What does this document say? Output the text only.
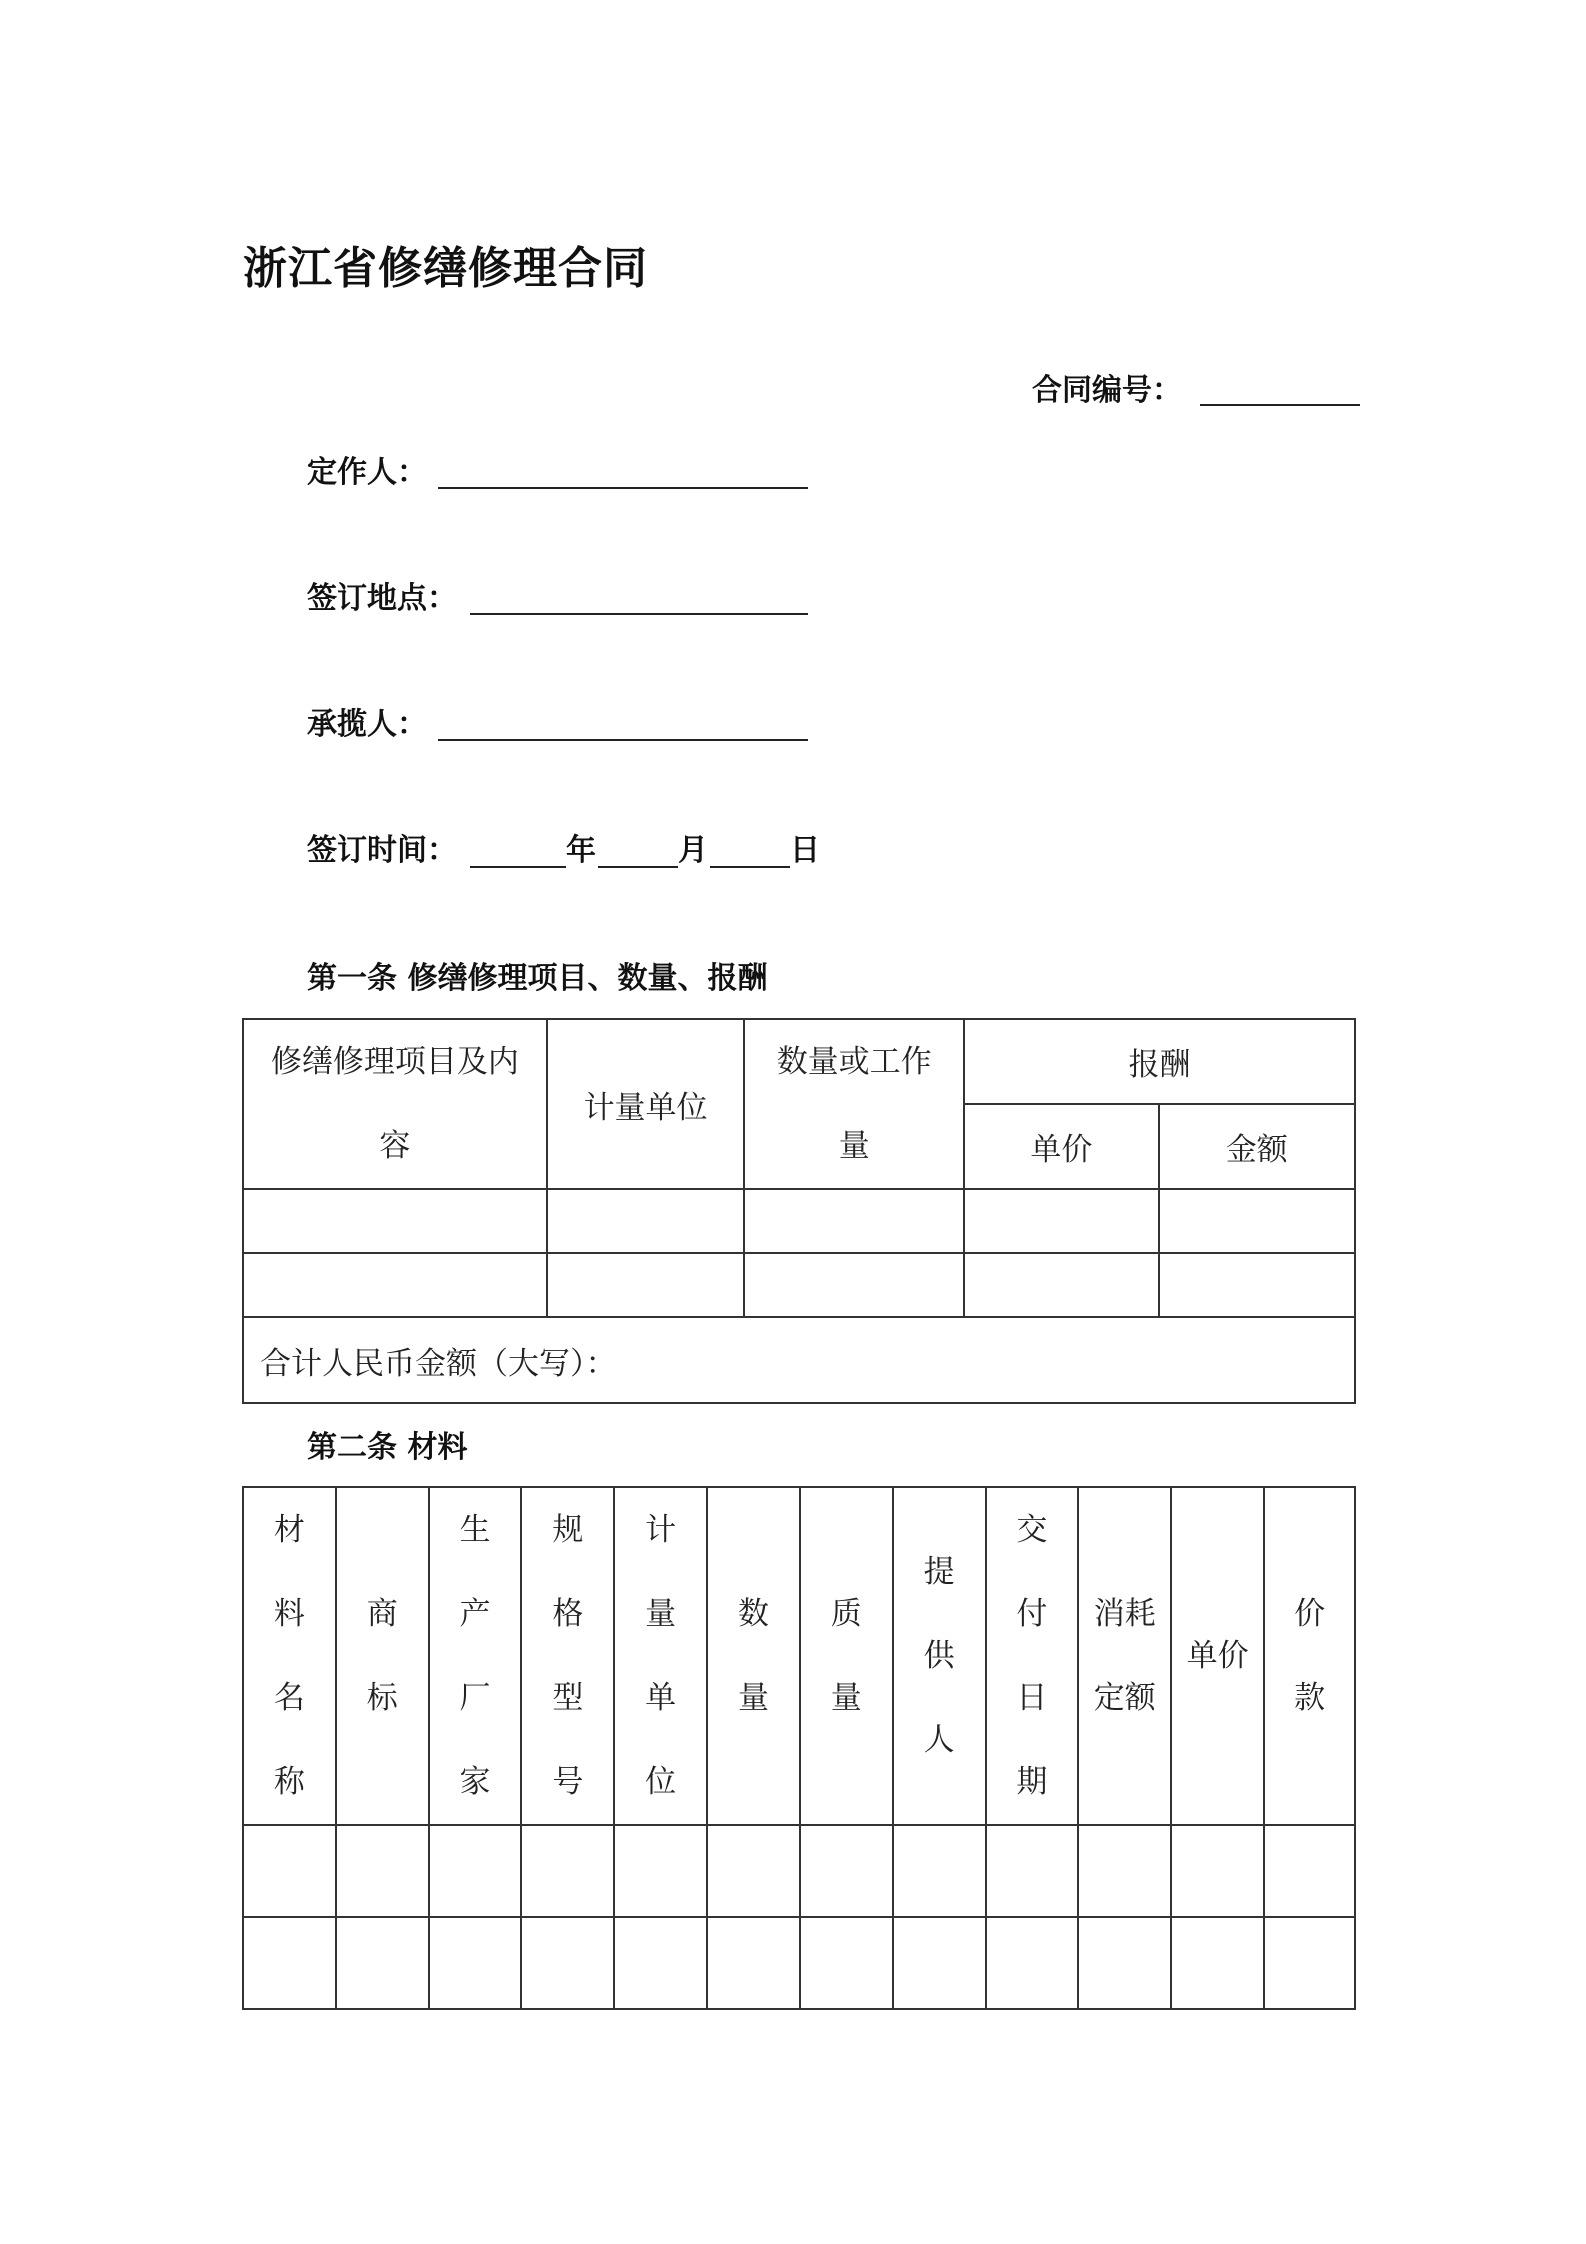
浙江省修缮修理合同
合同编号：
定作人：
签订地点：
承揽人：
签订时间：	年	月	日
第一条 修缮修理项目、数量、报酬
修缮修理项目及内容	计量单位	数量或工作量	报酬	
			单价	金额

合计人民币金额（大写）：				
第二条 材料
材料名称	商标	生产厂家	规格型号	计量单位	数量	质量	提供人	交付日期	消耗定额	单价	价款
